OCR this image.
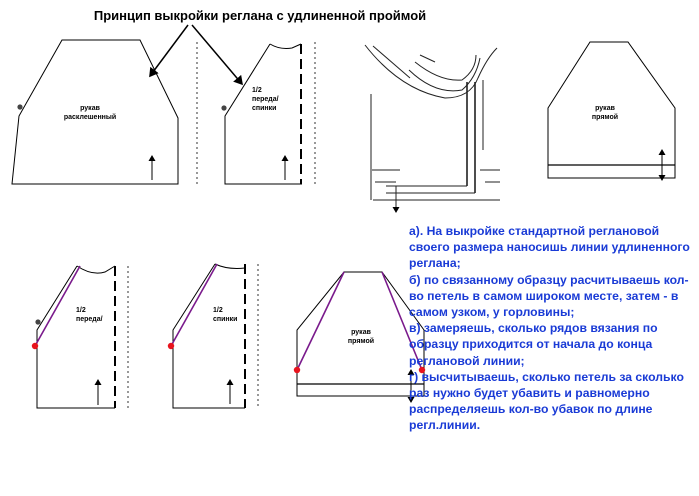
Принцип выкройки реглана с удлиненной проймой
рукав
расклешенный
1/2
переда/
спинки	рукав
прямой
1/2
переда/
1/2
спинки
рукав
прямой

а). На выкройке стандартной реглановой своего размера наносишь линии удлиненного реглана;

б) по связанному образцу расчитываешь кол-во петель в самом широком месте, затем - в самом узком, у горловины;

в) замеряешь, сколько рядов вязания по образцу приходится от начала до конца реглановой линии;

г) высчитываешь, сколько петель за сколько раз нужно будет убавить и равномерно распределяешь кол-во убавок по длине регл.линии.
